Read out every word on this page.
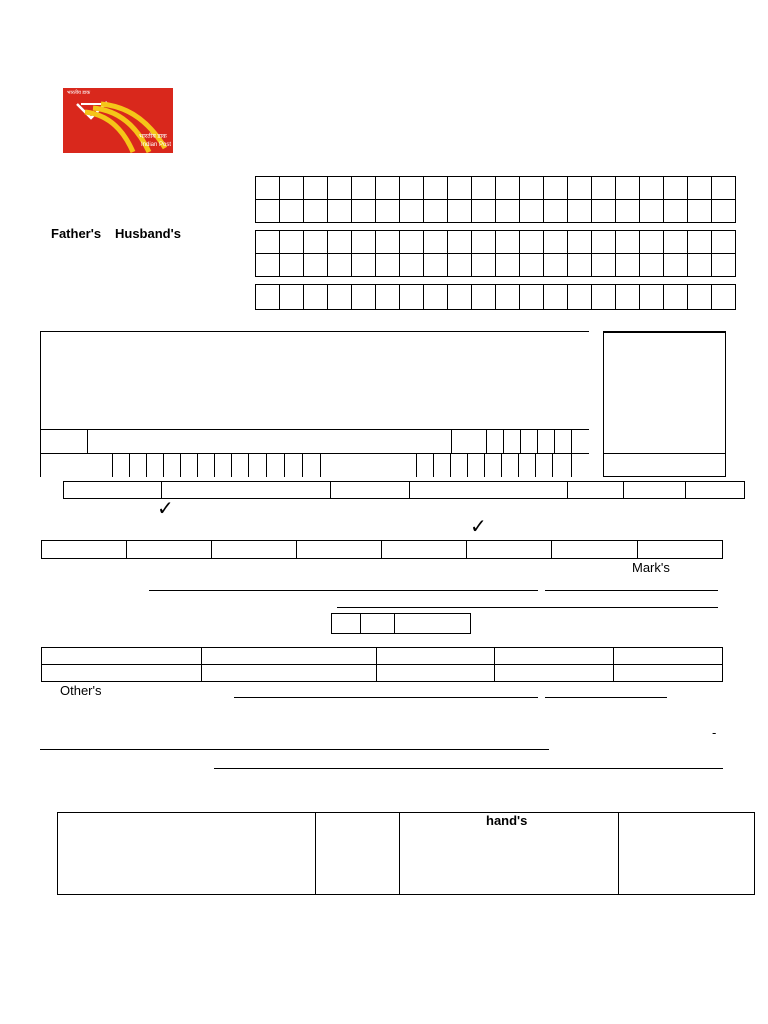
भारतीय डाक
भारतीय डाक
Indian Post
Father's Husband's
✓
✓
Mark's
Other's
-
hand's
